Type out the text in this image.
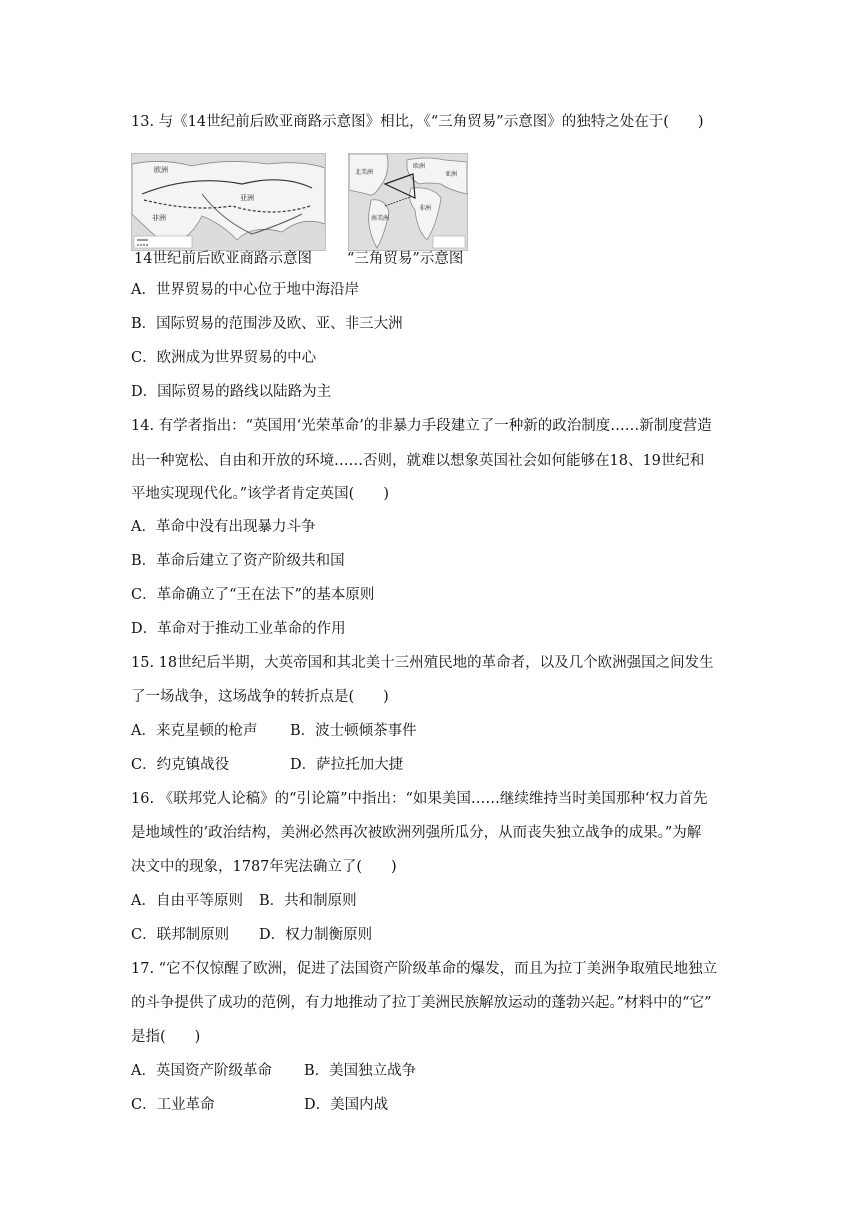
13. 与《14世纪前后欧亚商路示意图》相比，《“三角贸易”示意图》的独特之处在于(　　)
欧洲
亚洲
非洲
北美洲
欧洲
亚洲
非洲
南美洲
14世纪前后欧亚商路示意图 “三角贸易”示意图
A．世界贸易的中心位于地中海沿岸
B．国际贸易的范围涉及欧、亚、非三大洲
C．欧洲成为世界贸易的中心
D．国际贸易的路线以陆路为主
14. 有学者指出：“英国用‘光荣革命’的非暴力手段建立了一种新的政治制度……新制度营造
出一种宽松、自由和开放的环境……否则，就难以想象英国社会如何能够在18、19世纪和
平地实现现代化。”该学者肯定英国(　　)
A．革命中没有出现暴力斗争
B．革命后建立了资产阶级共和国
C．革命确立了“王在法下”的基本原则
D．革命对于推动工业革命的作用
15. 18世纪后半期，大英帝国和其北美十三州殖民地的革命者，以及几个欧洲强国之间发生
了一场战争，这场战争的转折点是(　　)
A．来克星顿的枪声 B．波士顿倾茶事件
C．约克镇战役	D．萨拉托加大捷
16. 《联邦党人论稿》的“引论篇”中指出：“如果美国……继续维持当时美国那种‘权力首先
是地域性的’政治结构，美洲必然再次被欧洲列强所瓜分，从而丧失独立战争的成果。”为解
决文中的现象，1787年宪法确立了(　　)
A．自由平等原则 B．共和制原则
C．联邦制原则 D．权力制衡原则
17. “它不仅惊醒了欧洲，促进了法国资产阶级革命的爆发，而且为拉丁美洲争取殖民地独立
的斗争提供了成功的范例，有力地推动了拉丁美洲民族解放运动的蓬勃兴起。”材料中的“它”
是指(　　)
A．英国资产阶级革命 B．美国独立战争
C．工业革命	D．美国内战
